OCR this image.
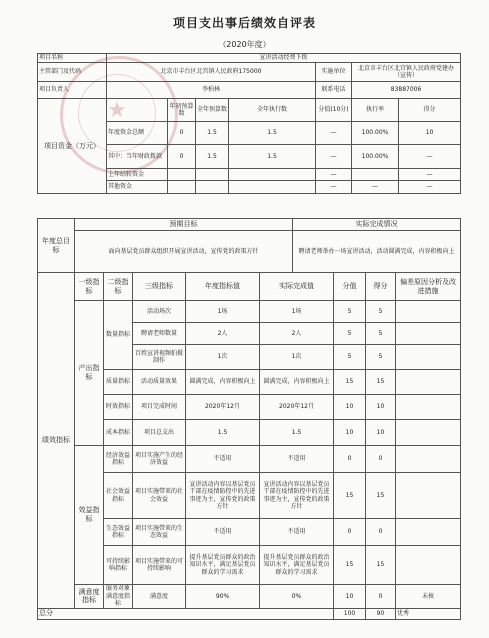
★
项目支出事后绩效自评表
（2020年度）
项目名称	宣讲活动经费下拨						
主管部门及代码	北京市丰台区北宫镇人民政府175000				实施单位	北京市丰台区北宫镇人民政府党建办（宣传）	
项目负责人	李柏林				联系电话	83887006	
项目资金（万元）		年初预算数	全年预算数	全年执行数	分值(10分)	执行率	得分
	年度资金总额	0	1.5	1.5	—	100.00%	10
	其中：当年财政拨款	0	1.5	1.5	—	100.00%	—
	上年结转资金				—		—
	其他资金				—	—	—
年度总目标	预期目标	实际完成情况
	面向基层党员群众组织开展宣讲活动，宣传党的政策方针	聘请老师举办一场宣讲活动，活动圆满完成，内容积极向上
绩效指标	一级指标	二级指标	三级指标	年度指标值	实际完成值	分值	得分	偏差原因分析及改进措施
	产出指标	数量指标	活动场次	1场	1场	5	5	
			聘请老师数量	2人	2人	5	5	
			百姓宣讲视频拍摄制作	1次	1次	5	5	
		质量指标	活动质量效果	圆满完成，内容积极向上	圆满完成，内容积极向上	15	15	
		时效指标	项目完成时间	2020年12月	2020年12月	10	10	
		成本指标	项目总支出	1.5	1.5	10	10	
	效益指标	经济效益指标	项目实施产生的经济效益	不适用	不适用	0	0	
		社会效益指标	项目实施带来的社会效益	宣讲活动内容以基层党员干部在疫情防控中的先进事迹为主，宣传党的政策方针	宣讲活动内容以基层党员干部在疫情防控中的先进事迹为主，宣传党的政策方针	15	15	
		生态效益指标	项目实施带来的生态效益	不适用	不适用	0	0	
		可持续影响指标	项目实施带来的可持续影响	提升基层党员群众的政治知识水平，满足基层党员群众的学习需求	提升基层党员群众的政治知识水平，满足基层党员群众的学习需求	15	15	
	满意度指标	服务对象满意度指标	满意度	90%	0%	10	0	未核
总分						100	90	优秀
